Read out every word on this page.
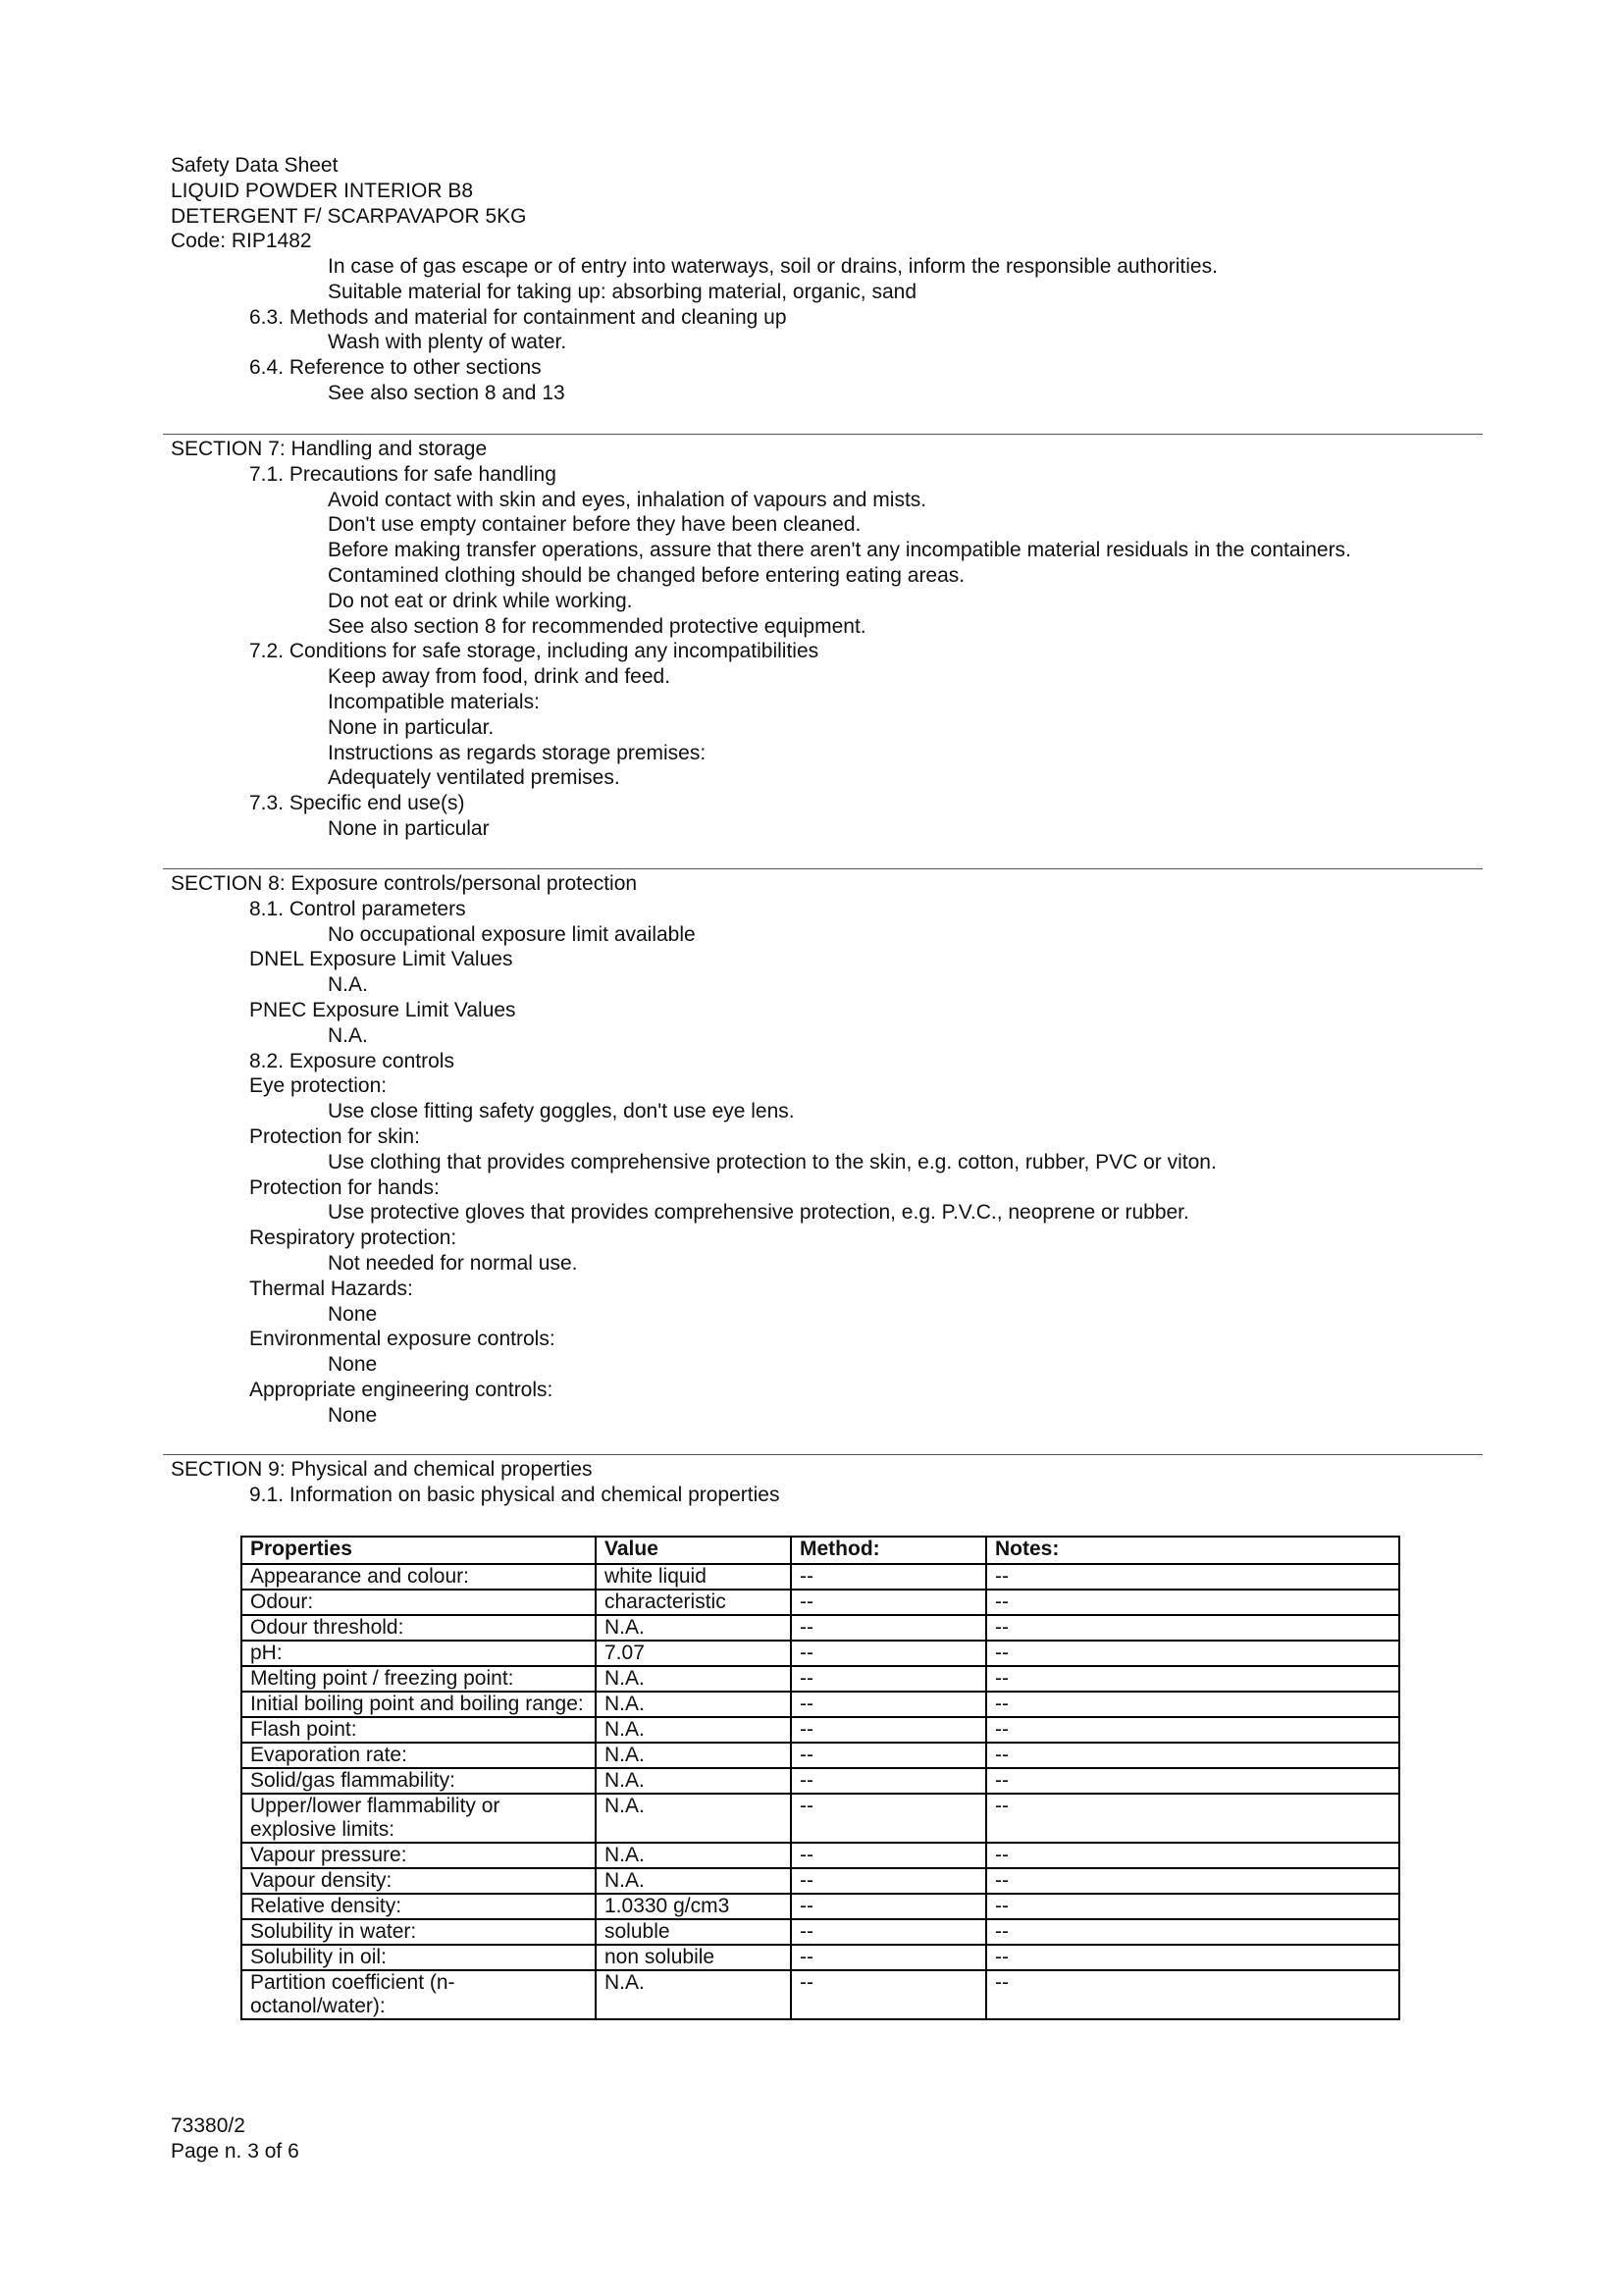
Safety Data Sheet
LIQUID POWDER INTERIOR B8
DETERGENT F/ SCARPAVAPOR 5KG
Code: RIP1482
In case of gas escape or of entry into waterways, soil or drains, inform the responsible authorities.
Suitable material for taking up: absorbing material, organic, sand
6.3. Methods and material for containment and cleaning up
Wash with plenty of water.
6.4. Reference to other sections
See also section 8 and 13
SECTION 7: Handling and storage
7.1. Precautions for safe handling
Avoid contact with skin and eyes, inhalation of vapours and mists.
Don't use empty container before they have been cleaned.
Before making transfer operations, assure that there aren't any incompatible material residuals in the containers.
Contamined clothing should be changed before entering eating areas.
Do not eat or drink while working.
See also section 8 for recommended protective equipment.
7.2. Conditions for safe storage, including any incompatibilities
Keep away from food, drink and feed.
Incompatible materials:
None in particular.
Instructions as regards storage premises:
Adequately ventilated premises.
7.3. Specific end use(s)
None in particular
SECTION 8: Exposure controls/personal protection
8.1. Control parameters
No occupational exposure limit available
DNEL Exposure Limit Values
N.A.
PNEC Exposure Limit Values
N.A.
8.2. Exposure controls
Eye protection:
Use close fitting safety goggles, don't use eye lens.
Protection for skin:
Use clothing that provides comprehensive protection to the skin, e.g. cotton, rubber, PVC or viton.
Protection for hands:
Use protective gloves that provides comprehensive protection, e.g. P.V.C., neoprene or rubber.
Respiratory protection:
Not needed for normal use.
Thermal Hazards:
None
Environmental exposure controls:
None
Appropriate engineering controls:
None
SECTION 9: Physical and chemical properties
9.1. Information on basic physical and chemical properties
Properties	Value	Method:	Notes:
Appearance and colour:	white liquid	--	--
Odour:	characteristic	--	--
Odour threshold:	N.A.	--	--
pH:	7.07	--	--
Melting point / freezing point:	N.A.	--	--
Initial boiling point and boiling range:	N.A.	--	--
Flash point:	N.A.	--	--
Evaporation rate:	N.A.	--	--
Solid/gas flammability:	N.A.	--	--
Upper/lower flammability or explosive limits:	N.A.	--	--
Vapour pressure:	N.A.	--	--
Vapour density:	N.A.	--	--
Relative density:	1.0330 g/cm3	--	--
Solubility in water:	soluble	--	--
Solubility in oil:	non solubile	--	--
Partition coefficient (n-octanol/water):	N.A.	--	--
73380/2
Page n. 3 of 6
